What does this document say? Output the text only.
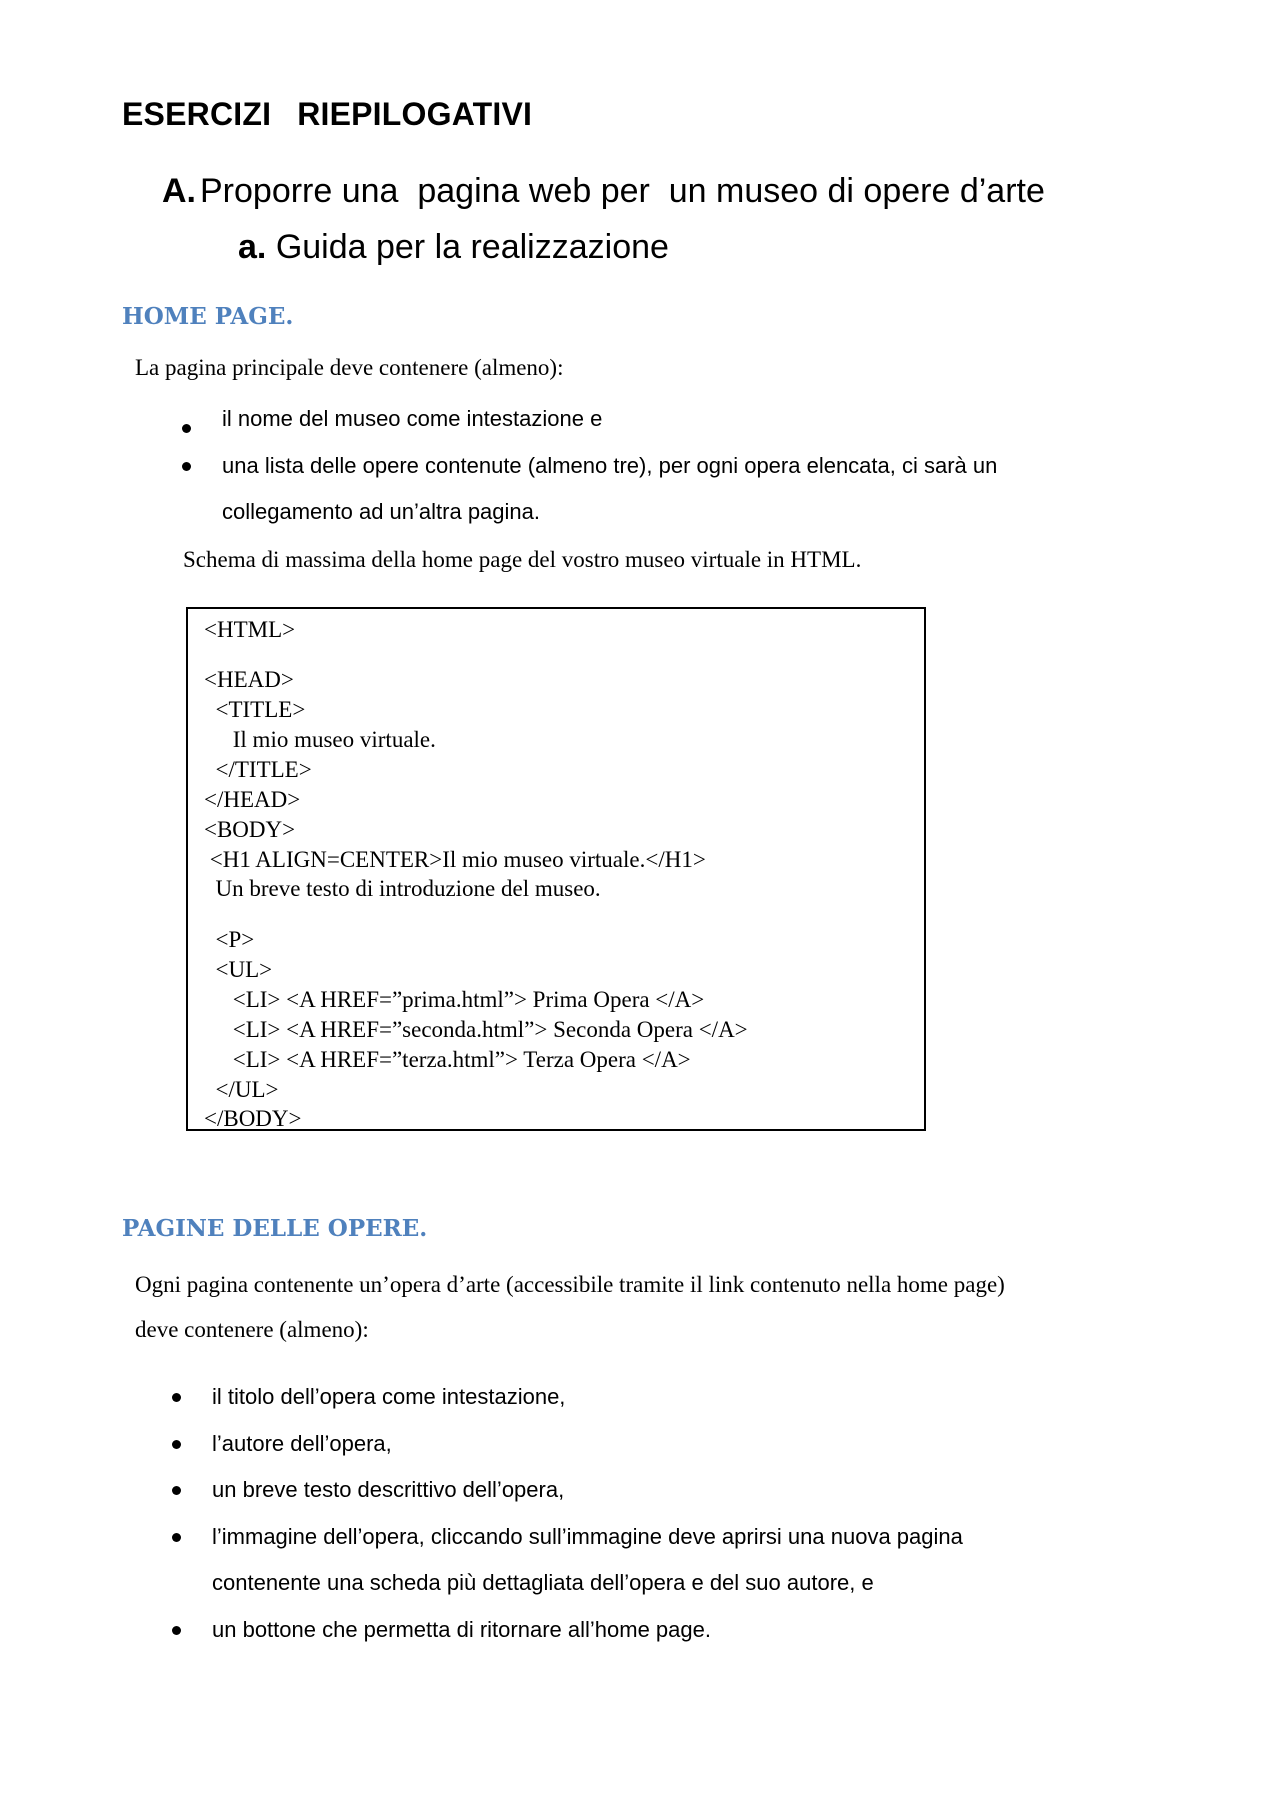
ESERCIZI RIEPILOGATIVI
A. Proporre una  pagina web per  un museo di opere d’arte
a. Guida per la realizzazione
HOME PAGE.
La pagina principale deve contenere (almeno):
il nome del museo come intestazione e
una lista delle opere contenute (almeno tre), per ogni opera elencata, ci sarà un
collegamento ad un’altra pagina.
Schema di massima della home page del vostro museo virtuale in HTML.
<HTML>
<HEAD>
<TITLE>
Il mio museo virtuale.
</TITLE>
</HEAD>
<BODY>
<H1 ALIGN=CENTER>Il mio museo virtuale.</H1>
Un breve testo di introduzione del museo.
<P>
<UL>
<LI> <A HREF=”prima.html”> Prima Opera </A>
<LI> <A HREF=”seconda.html”> Seconda Opera </A>
<LI> <A HREF=”terza.html”> Terza Opera </A>
</UL>
</BODY>
PAGINE DELLE OPERE.
Ogni pagina contenente un’opera d’arte (accessibile tramite il link contenuto nella home page)
deve contenere (almeno):
il titolo dell’opera come intestazione,
l’autore dell’opera,
un breve testo descrittivo dell’opera,
l’immagine dell’opera, cliccando sull’immagine deve aprirsi una nuova pagina
contenente una scheda più dettagliata dell’opera e del suo autore, e
un bottone che permetta di ritornare all’home page.
